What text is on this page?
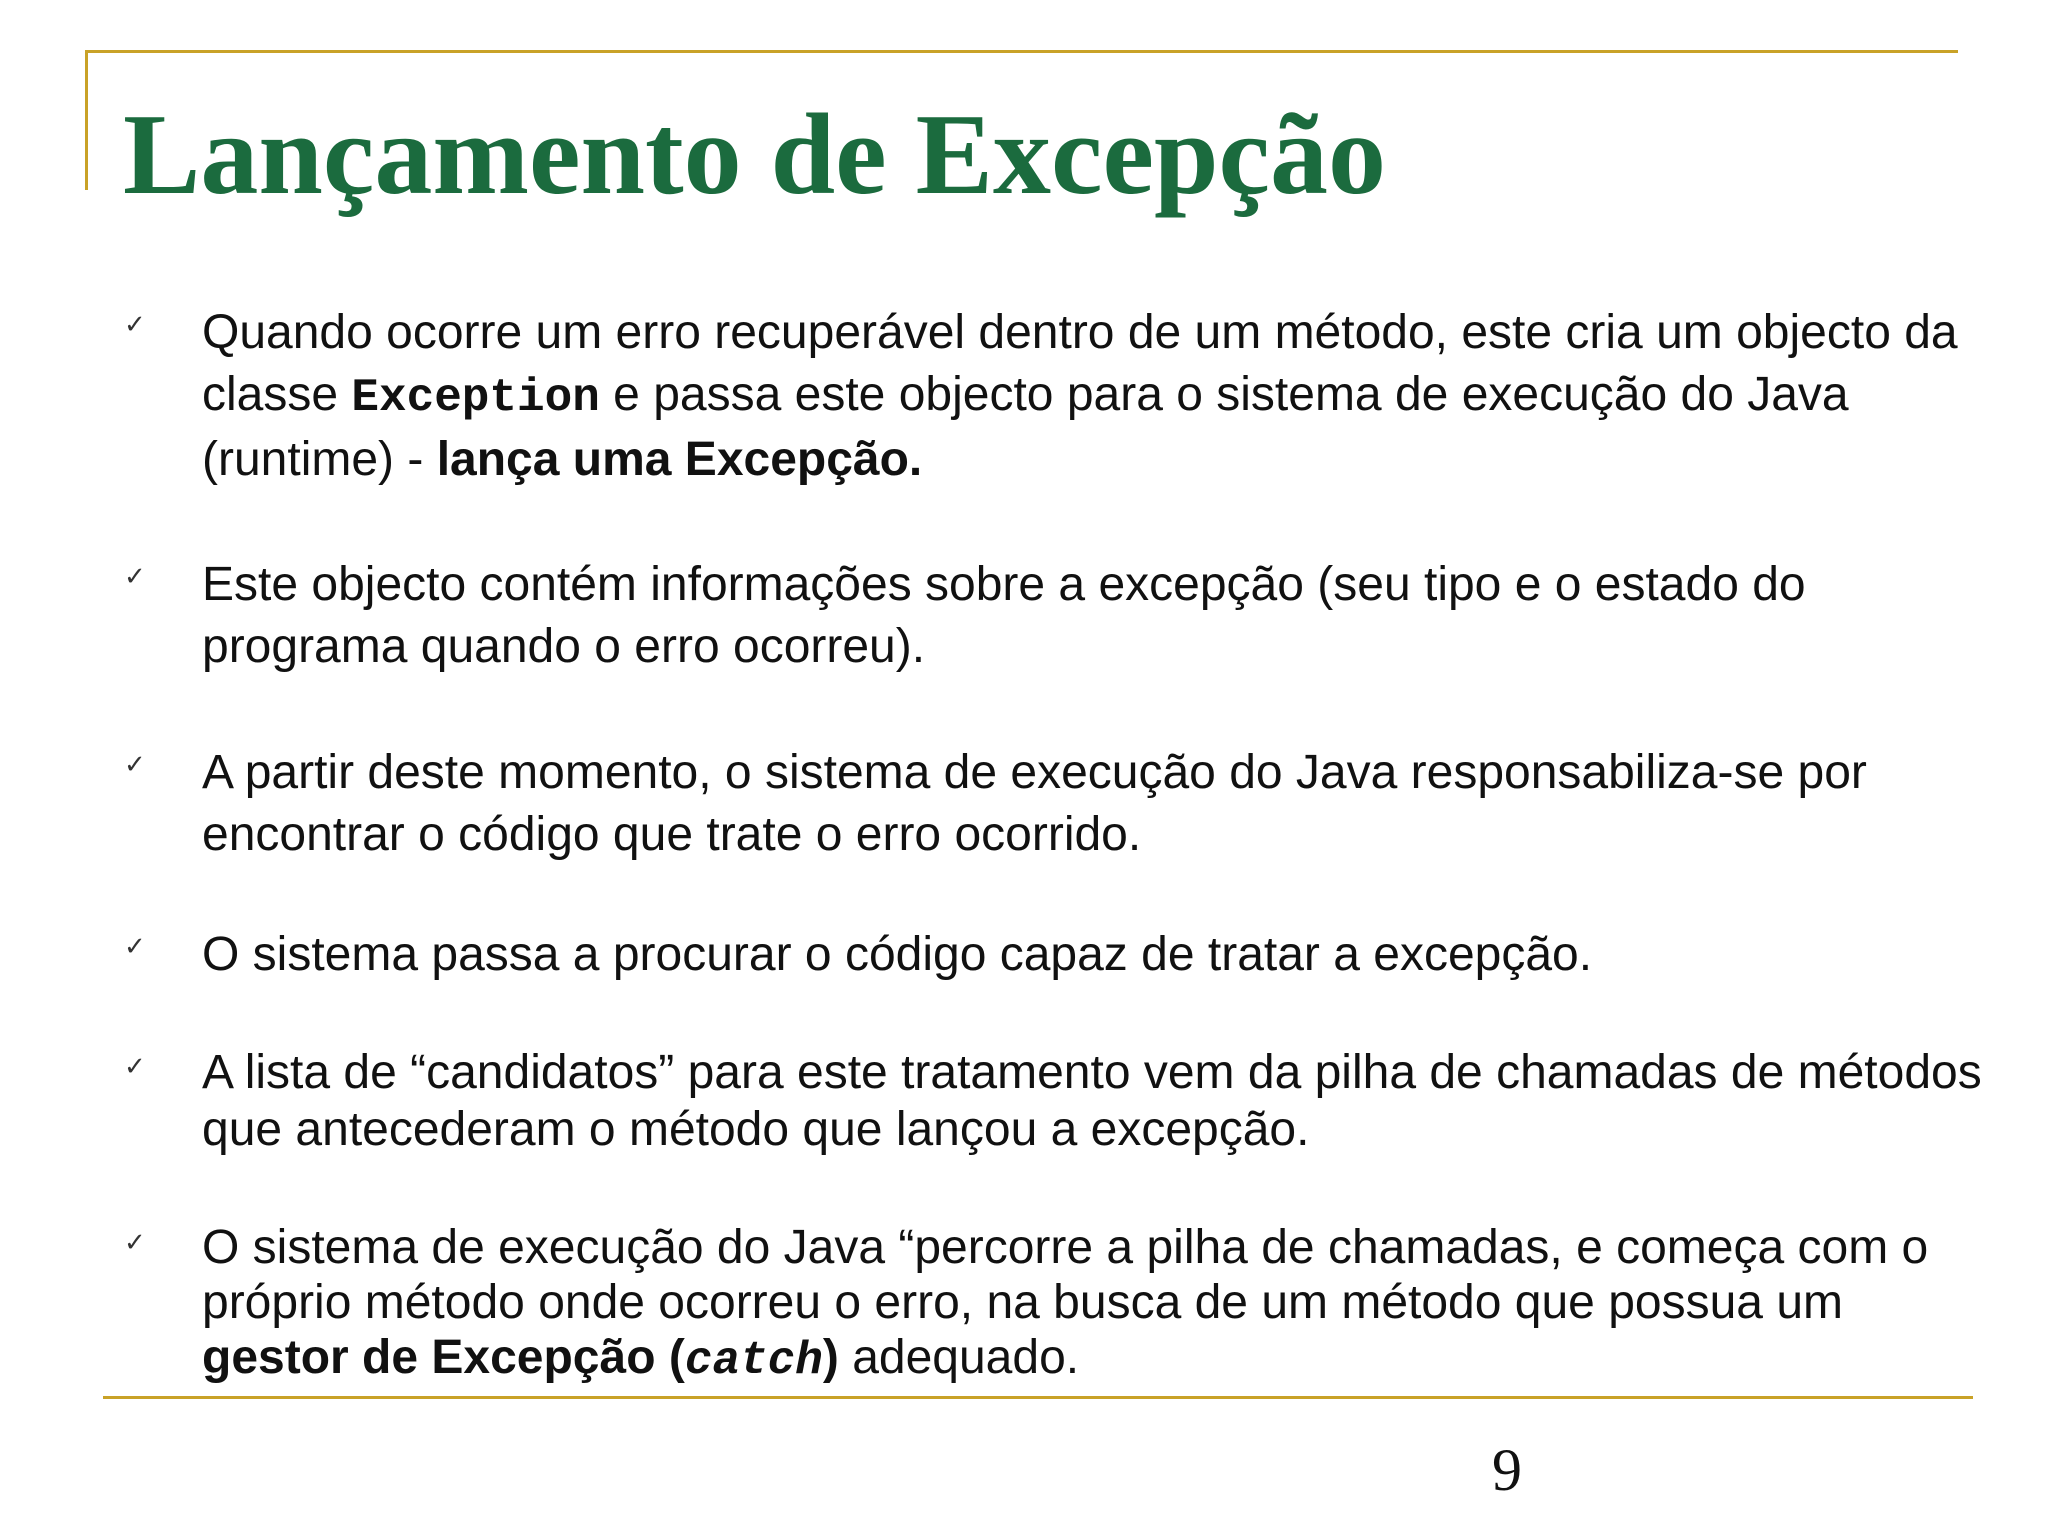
Lançamento de Excepção
✓ Quando ocorre um erro recuperável dentro de um método, este cria um objecto da classe Exception e passa este objecto para o sistema de execução do Java (runtime) - lança uma Excepção.
✓ Este objecto contém informações sobre a excepção (seu tipo e o estado do programa quando o erro ocorreu).
✓ A partir deste momento, o sistema de execução do Java responsabiliza-se por encontrar o código que trate o erro ocorrido.
✓ O sistema passa a procurar o código capaz de tratar a excepção.
✓ A lista de “candidatos” para este tratamento vem da pilha de chamadas de métodos que antecederam o método que lançou a excepção.
✓ O sistema de execução do Java “percorre a pilha de chamadas, e começa com o próprio método onde ocorreu o erro, na busca de um método que possua um gestor de Excepção (catch) adequado.
9
